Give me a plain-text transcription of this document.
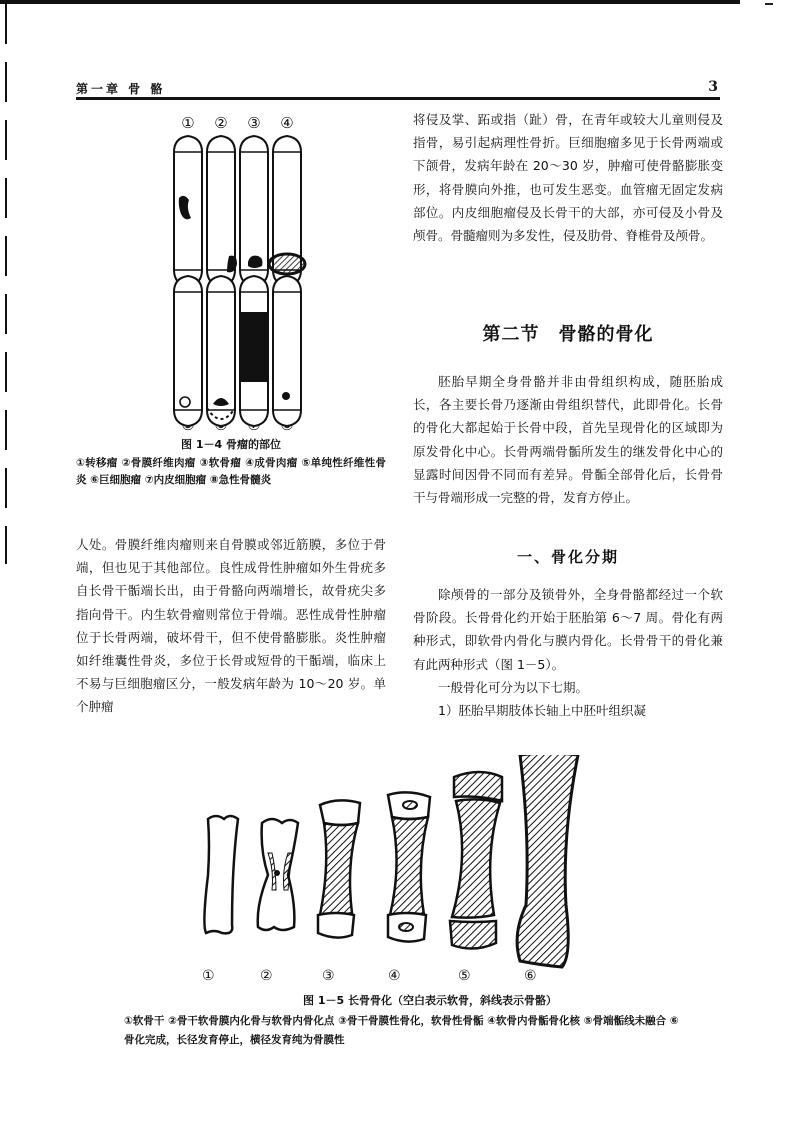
第一章 骨 骼	3
① ② ③ ④
图 1－4 骨瘤的部位
①转移瘤 ②骨膜纤维肉瘤 ③软骨瘤 ④成骨肉瘤 ⑤单纯性纤维性骨炎 ⑥巨细胞瘤 ⑦内皮细胞瘤 ⑧急性骨髓炎

人处。骨膜纤维肉瘤则来自骨膜或邻近筋膜，多位于骨端，但也见于其他部位。良性成骨性肿瘤如外生骨疣多自长骨干骺端长出，由于骨骼向两端增长，故骨疣尖多指向骨干。内生软骨瘤则常位于骨端。恶性成骨性肿瘤位于长骨两端，破坏骨干，但不使骨骼膨胀。炎性肿瘤如纤维囊性骨炎，多位于长骨或短骨的干骺端，临床上不易与巨细胞瘤区分，一般发病年龄为 10～20 岁。单个肿瘤

将侵及掌、跖或指（趾）骨，在青年或较大儿童则侵及指骨，易引起病理性骨折。巨细胞瘤多见于长骨两端或下颌骨，发病年龄在 20～30 岁，肿瘤可使骨骼膨胀变形，将骨膜向外推，也可发生恶变。血管瘤无固定发病部位。内皮细胞瘤侵及长骨干的大部，亦可侵及小骨及颅骨。骨髓瘤则为多发性，侵及肋骨、脊椎骨及颅骨。

第二节　骨骼的骨化

胚胎早期全身骨骼并非由骨组织构成，随胚胎成长，各主要长骨乃逐渐由骨组织替代，此即骨化。长骨的骨化大都起始于长骨中段，首先呈现骨化的区域即为原发骨化中心。长骨两端骨骺所发生的继发骨化中心的显露时间因骨不同而有差异。骨骺全部骨化后，长骨骨干与骨端形成一完整的骨，发育方停止。

一、骨化分期

除颅骨的一部分及锁骨外，全身骨骼都经过一个软骨阶段。长骨骨化约开始于胚胎第 6～7 周。骨化有两种形式，即软骨内骨化与膜内骨化。长骨骨干的骨化兼有此两种形式（图 1－5）。

一般骨化可分为以下七期。

1）胚胎早期肢体长轴上中胚叶组织凝

①	②	③	④	⑤	⑥
图 1－5 长骨骨化（空白表示软骨，斜线表示骨骼）
①软骨干 ②骨干软骨膜内化骨与软骨内骨化点 ③骨干骨膜性骨化，软骨性骨骺 ④软骨内骨骺骨化核 ⑤骨端骺线未融合 ⑥骨化完成，长径发育停止，横径发育纯为骨膜性
